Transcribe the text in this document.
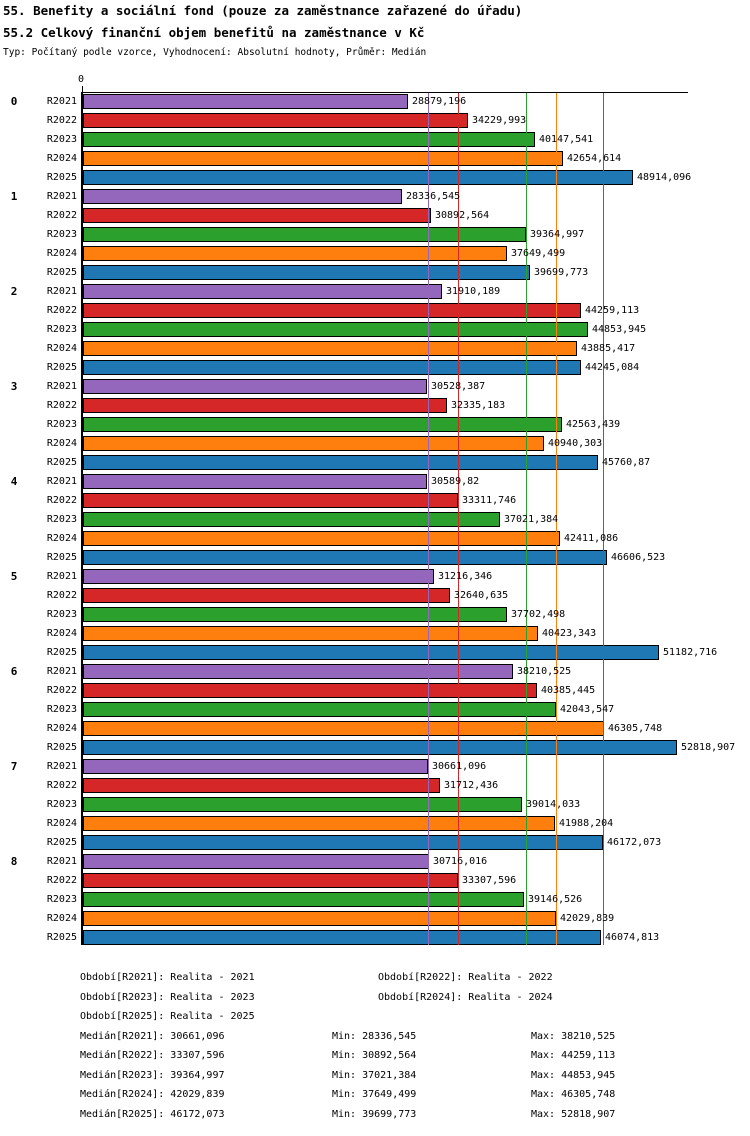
55. Benefity a sociální fond (pouze za zaměstnance zařazené do úřadu)
55.2 Celkový finanční objem benefitů na zaměstnance v Kč
Typ: Počítaný podle vzorce, Vyhodnocení: Absolutní hodnoty, Průměr: Medián
0
0	R2021	28879,196
R2022	34229,993
R2023	40147,541
R2024	42654,614
R2025	48914,096
1	R2021	28336,545
R2022	30892,564
R2023	39364,997
R2024	37649,499
R2025	39699,773
2	R2021	31910,189
R2022	44259,113
R2023	44853,945
R2024	43885,417
R2025	44245,084
3	R2021	30528,387
R2022	32335,183
R2023	42563,439
R2024	40940,303
R2025	45760,87
4	R2021	30589,82
R2022	33311,746
R2023	37021,384
R2024	42411,086
R2025	46606,523
5	R2021	31216,346
R2022	32640,635
R2023	37702,498
R2024	40423,343
R2025	51182,716
6	R2021	38210,525
R2022	40385,445
R2023	42043,547
R2024	46305,748
R2025	52818,907
7	R2021	30661,096
R2022	31712,436
R2023	39014,033
R2024	41988,204
R2025	46172,073
8	R2021	30716,016
R2022	33307,596
R2023	39146,526
R2024	42029,839
R2025	46074,813
Období[R2021]: Realita - 2021	Období[R2022]: Realita - 2022
Období[R2023]: Realita - 2023	Období[R2024]: Realita - 2024
Období[R2025]: Realita - 2025
Medián[R2021]: 30661,096	Min: 28336,545	Max: 38210,525
Medián[R2022]: 33307,596	Min: 30892,564	Max: 44259,113
Medián[R2023]: 39364,997	Min: 37021,384	Max: 44853,945
Medián[R2024]: 42029,839	Min: 37649,499	Max: 46305,748
Medián[R2025]: 46172,073	Min: 39699,773	Max: 52818,907
